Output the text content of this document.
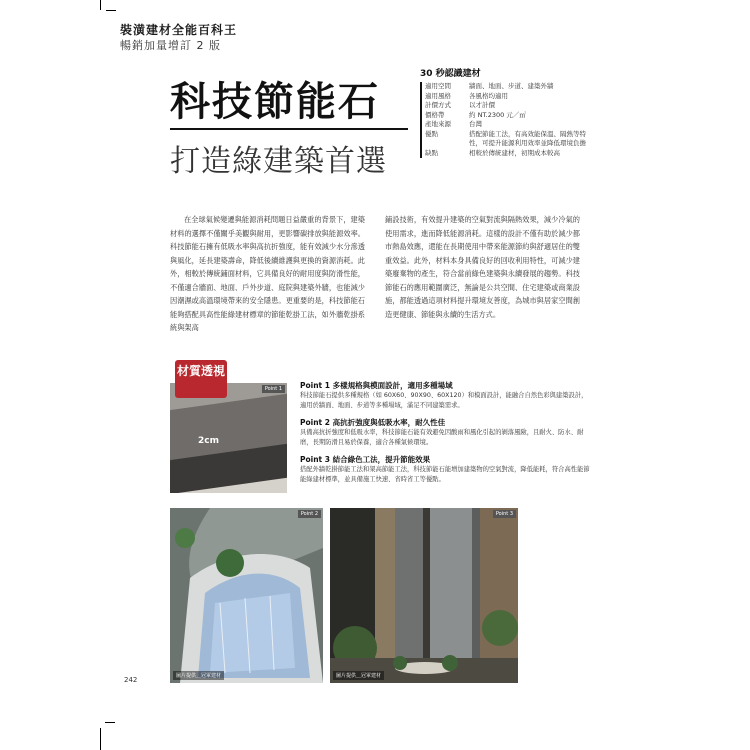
裝潢建材全能百科王
暢銷加量增訂 2 版
科技節能石
打造綠建築首選
30 秒認識建材
適用空間	牆面、地面、步道、建築外牆
適用風格	各風格均適用
計價方式	以才計價
價格帶	約 NT.2300 元／㎡
產地來源	台灣
優點	搭配節能工法，有高效能保溫、隔熱等特性，可提升能源利用效率並降低環境負擔
缺點	相較於傳統建材，初期成本較高

在全球氣候變遷與能源消耗問題日益嚴重的背景下，建築材料的選擇不僅關乎美觀與耐用，更影響碳排放與能源效率。科技節能石擁有低吸水率與高抗折強度，能有效減少水分滲透與風化，延長建築壽命，降低後續維護與更換的資源消耗。此外，相較於傳統鋪面材料，它具備良好的耐用度與防滑性能，不僅適合牆面、地面、戶外步道、庭院與建築外牆，也能減少因潮濕或高溫環境帶來的安全隱患。更重要的是，科技節能石能夠搭配具高性能綠建材標章的節能乾掛工法，如外牆乾掛系統與架高

鋪設技術，有效提升建築的空氣對流與隔熱效果，減少冷氣的使用需求，進而降低能源消耗。這樣的設計不僅有助於減少都市熱島效應，還能在長期使用中帶來能源節約與舒適居住的雙重效益。此外，材料本身具備良好的回收利用特性，可減少建築廢棄物的產生，符合當前綠色建築與永續發展的趨勢。科技節能石的應用範圍廣泛，無論是公共空間、住宅建築或商業設施，都能透過這項材料提升環境友善度，為城市與居家空間創造更健康、節能與永續的生活方式。

2cm
Point 1
材質透視
Point 1 多樣規格與模面設計，適用多種場域
科技節能石提供多種規格（如 60X60、90X90、60X120）和模面設計，能融合自然色彩與建築設計，適用於牆面、地面、步道等多種場域，滿足不同建築需求。
Point 2 高抗折強度與低吸水率，耐久性佳
具備高抗折強度和低吸水率，科技節能石能有效避免因酸雨和風化引起的剝落風險，且耐火、防水、耐磨，長期防滑且易於保養，適合各種氣候環境。
Point 3 結合綠色工法，提升節能效果
搭配外牆乾掛節能工法和架高節能工法，科技節能石能增加建築物的空氣對流，降低能耗，符合高性能節能綠建材標準，並具備施工快速、省時省工等優點。
Point 2
圖片提供＿冠軍建材
Point 3
圖片提供＿冠軍建材
242
